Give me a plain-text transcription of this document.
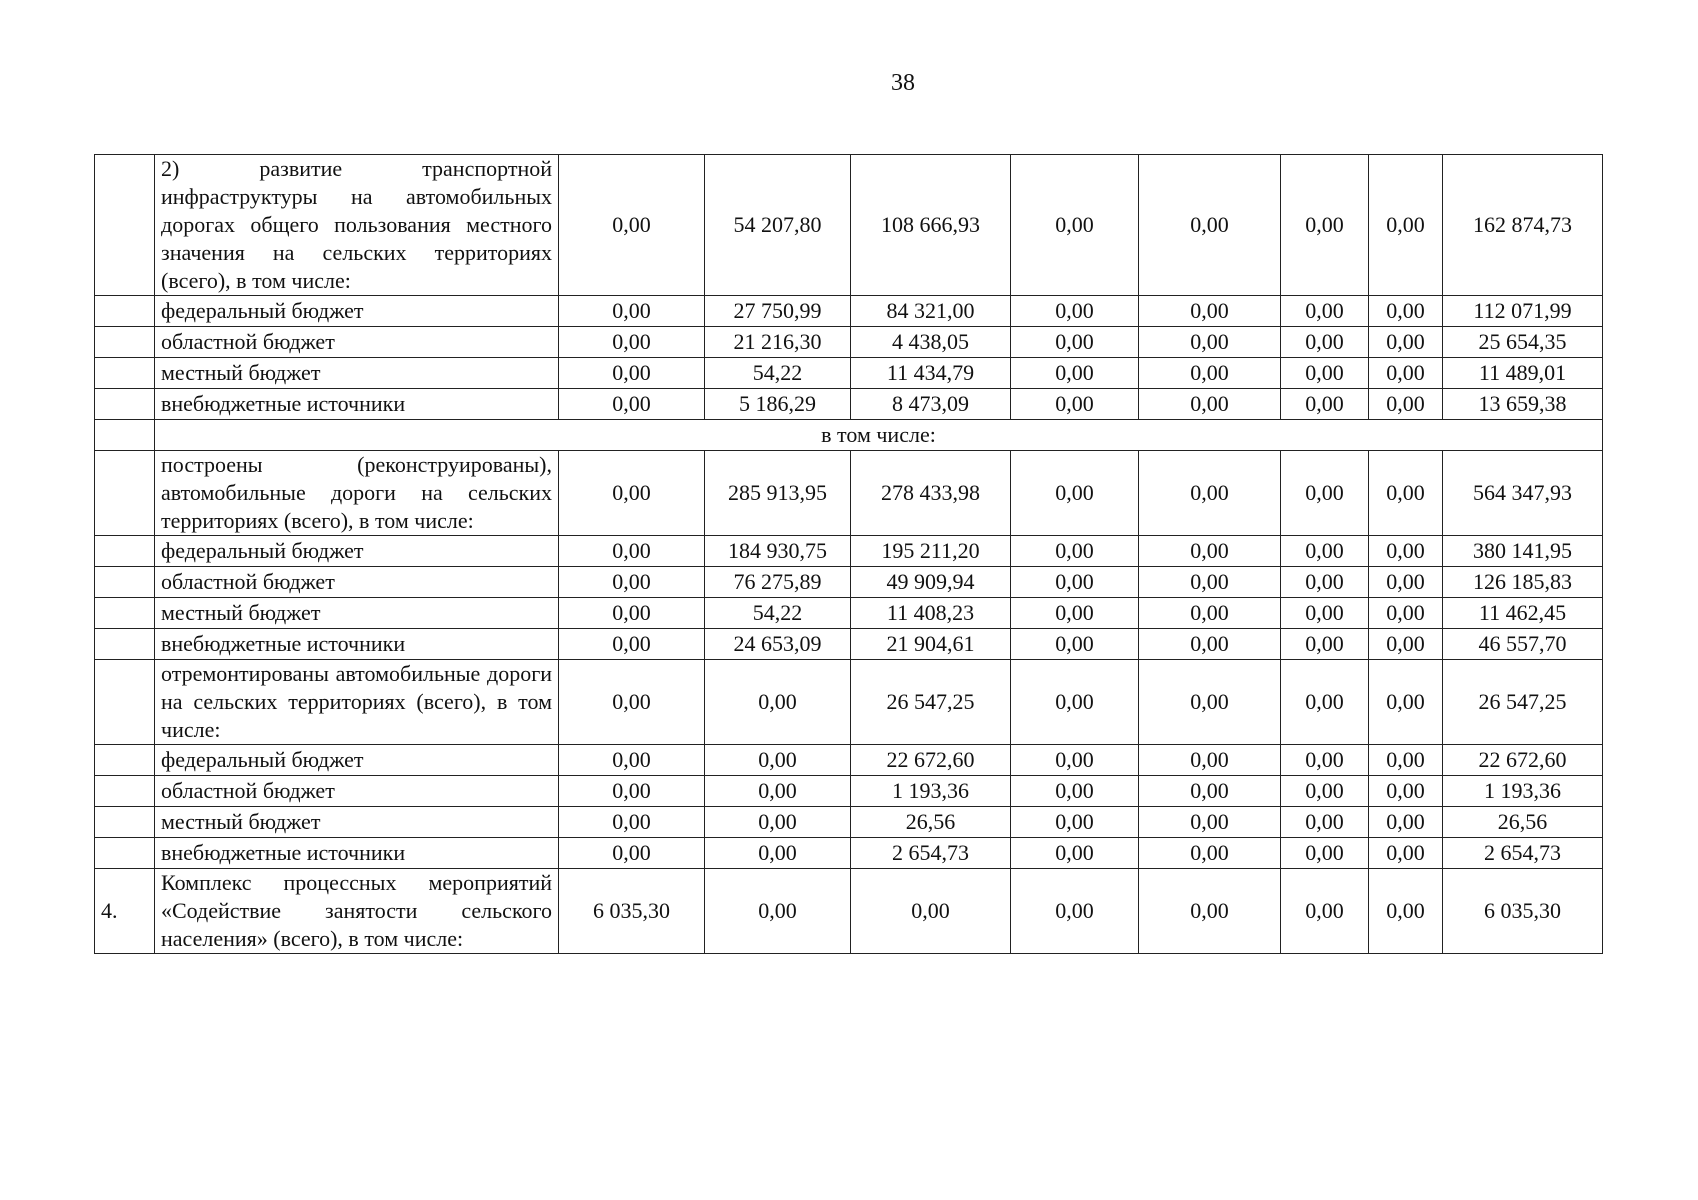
38
	2) развитие транспортной инфраструктуры на автомобильных дорогах общего пользования местного значения на сельских территориях (всего), в том числе:	0,00	54 207,80	108 666,93	0,00	0,00	0,00	0,00	162 874,73
	федеральный бюджет	0,00	27 750,99	84 321,00	0,00	0,00	0,00	0,00	112 071,99
	областной бюджет	0,00	21 216,30	4 438,05	0,00	0,00	0,00	0,00	25 654,35
	местный бюджет	0,00	54,22	11 434,79	0,00	0,00	0,00	0,00	11 489,01
	внебюджетные источники	0,00	5 186,29	8 473,09	0,00	0,00	0,00	0,00	13 659,38
	в том числе:								
	построены (реконструированы), автомобильные дороги на сельских территориях (всего), в том числе:	0,00	285 913,95	278 433,98	0,00	0,00	0,00	0,00	564 347,93
	федеральный бюджет	0,00	184 930,75	195 211,20	0,00	0,00	0,00	0,00	380 141,95
	областной бюджет	0,00	76 275,89	49 909,94	0,00	0,00	0,00	0,00	126 185,83
	местный бюджет	0,00	54,22	11 408,23	0,00	0,00	0,00	0,00	11 462,45
	внебюджетные источники	0,00	24 653,09	21 904,61	0,00	0,00	0,00	0,00	46 557,70
	отремонтированы автомобильные дороги на сельских территориях (всего), в том числе:	0,00	0,00	26 547,25	0,00	0,00	0,00	0,00	26 547,25
	федеральный бюджет	0,00	0,00	22 672,60	0,00	0,00	0,00	0,00	22 672,60
	областной бюджет	0,00	0,00	1 193,36	0,00	0,00	0,00	0,00	1 193,36
	местный бюджет	0,00	0,00	26,56	0,00	0,00	0,00	0,00	26,56
	внебюджетные источники	0,00	0,00	2 654,73	0,00	0,00	0,00	0,00	2 654,73
4.	Комплекс процессных мероприятий «Содействие занятости сельского населения» (всего), в том числе:	6 035,30	0,00	0,00	0,00	0,00	0,00	0,00	6 035,30
